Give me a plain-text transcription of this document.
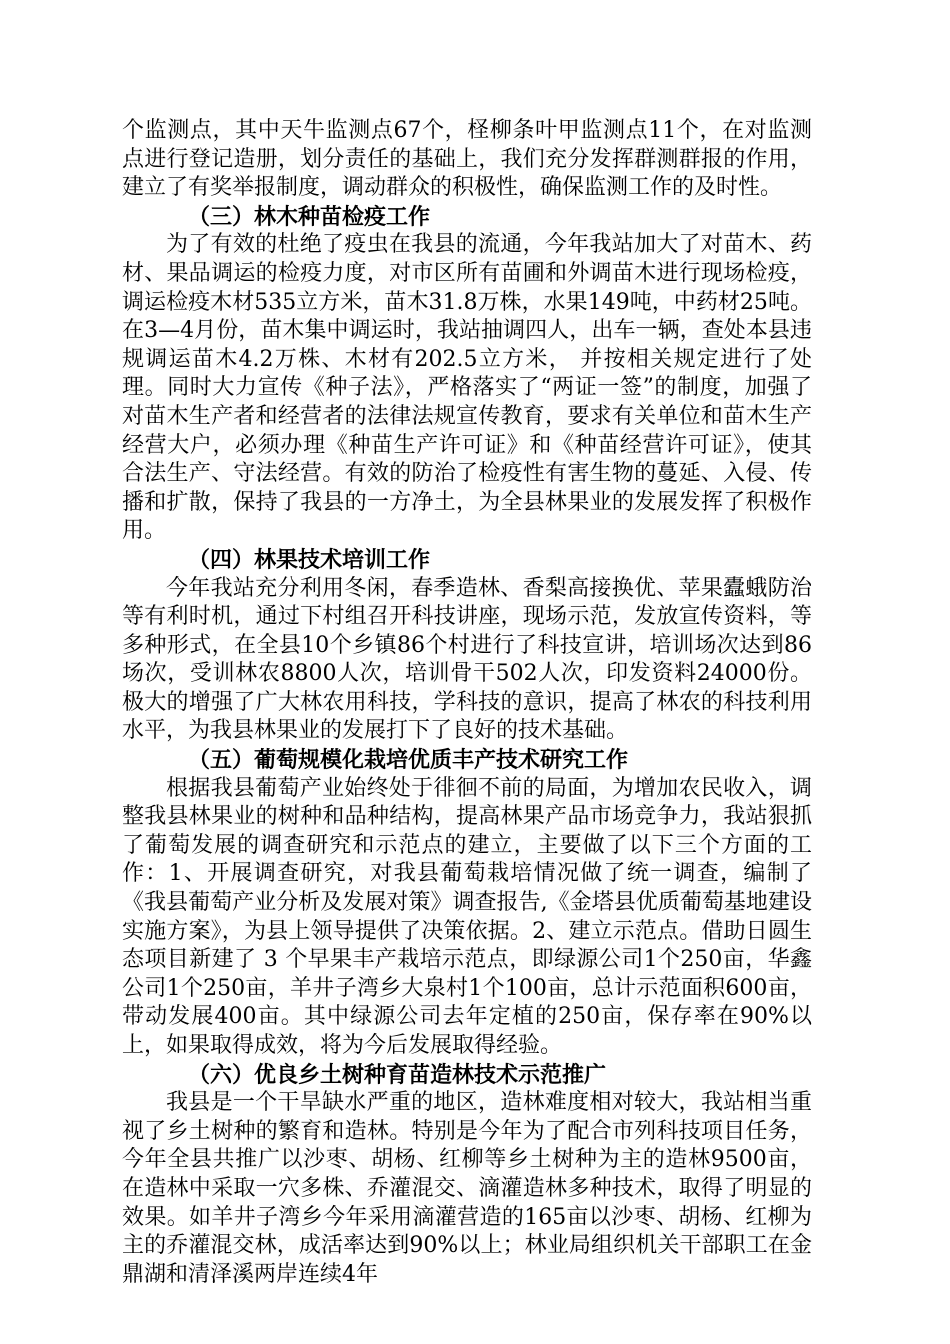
个监测点，其中天牛监测点67个，柽柳条叶甲监测点11个，在对监测点进行登记造册，划分责任的基础上，我们充分发挥群测群报的作用，建立了有奖举报制度，调动群众的积极性，确保监测工作的及时性。

（三）林木种苗检疫工作

为了有效的杜绝了疫虫在我县的流通，今年我站加大了对苗木、药材、果品调运的检疫力度，对市区所有苗圃和外调苗木进行现场检疫，调运检疫木材535立方米，苗木31.8万株，水果149吨，中药材25吨。在3—4月份，苗木集中调运时，我站抽调四人，出车一辆，查处本县违规调运苗木4.2万株、木材有202.5立方米， 并按相关规定进行了处理。同时大力宣传《种子法》，严格落实了“两证一签”的制度，加强了对苗木生产者和经营者的法律法规宣传教育，要求有关单位和苗木生产经营大户，必须办理《种苗生产许可证》和《种苗经营许可证》，使其合法生产、守法经营。有效的防治了检疫性有害生物的蔓延、入侵、传播和扩散，保持了我县的一方净土，为全县林果业的发展发挥了积极作用。

（四）林果技术培训工作

今年我站充分利用冬闲，春季造林、香梨高接换优、苹果蠹蛾防治等有利时机，通过下村组召开科技讲座，现场示范，发放宣传资料，等多种形式，在全县10个乡镇86个村进行了科技宣讲，培训场次达到86场次，受训林农8800人次，培训骨干502人次，印发资料24000份。极大的增强了广大林农用科技，学科技的意识，提高了林农的科技利用水平，为我县林果业的发展打下了良好的技术基础。

（五）葡萄规模化栽培优质丰产技术研究工作

根据我县葡萄产业始终处于徘徊不前的局面，为增加农民收入，调整我县林果业的树种和品种结构，提高林果产品市场竞争力，我站狠抓了葡萄发展的调查研究和示范点的建立，主要做了以下三个方面的工作：1、开展调查研究，对我县葡萄栽培情况做了统一调查，编制了《我县葡萄产业分析及发展对策》调查报告,《金塔县优质葡萄基地建设实施方案》，为县上领导提供了决策依据。2、建立示范点。借助日圆生态项目新建了 3 个早果丰产栽培示范点，即绿源公司1个250亩，华鑫公司1个250亩，羊井子湾乡大泉村1个100亩，总计示范面积600亩，带动发展400亩。其中绿源公司去年定植的250亩，保存率在90%以上，如果取得成效，将为今后发展取得经验。

（六）优良乡土树种育苗造林技术示范推广

我县是一个干旱缺水严重的地区，造林难度相对较大，我站相当重视了乡土树种的繁育和造林。特别是今年为了配合市列科技项目任务，今年全县共推广以沙枣、胡杨、红柳等乡土树种为主的造林9500亩，在造林中采取一穴多株、乔灌混交、滴灌造林多种技术，取得了明显的效果。如羊井子湾乡今年采用滴灌营造的165亩以沙枣、胡杨、红柳为主的乔灌混交林，成活率达到90%以上；林业局组织机关干部职工在金鼎湖和清泽溪两岸连续4年
